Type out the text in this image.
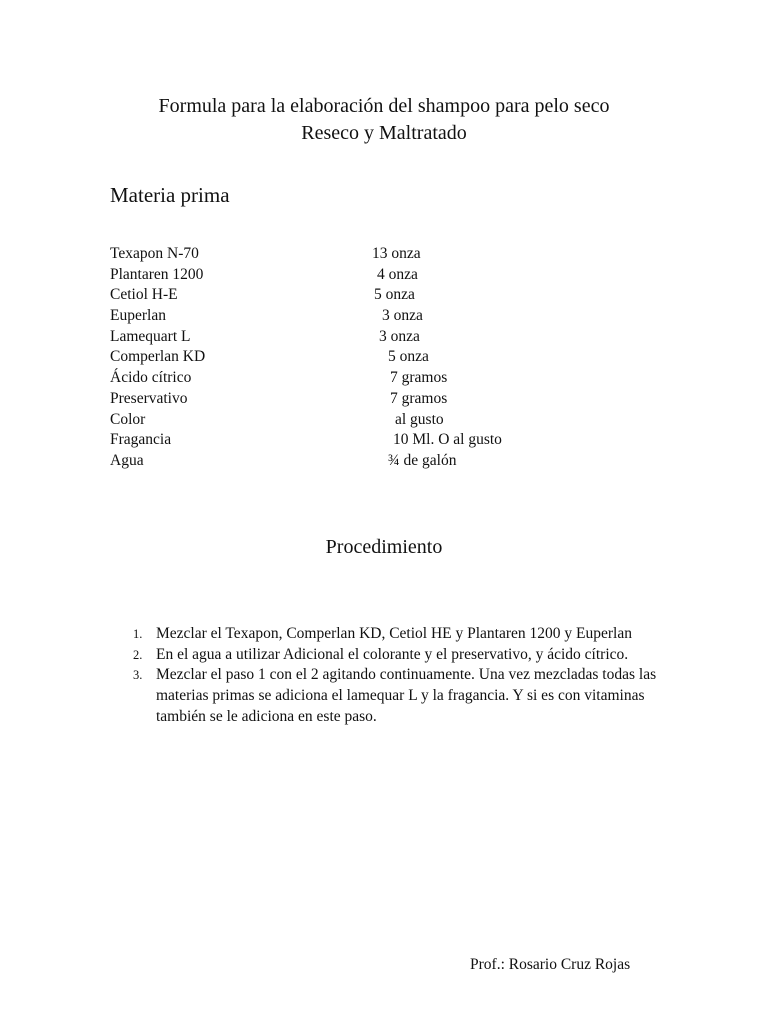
Formula para la elaboración del shampoo para pelo seco
Reseco y Maltratado
Materia prima
Texapon N-70	13 onza
Plantaren 1200	4 onza
Cetiol H-E	5 onza
Euperlan	3 onza
Lamequart L	3 onza
Comperlan KD	5 onza
Ácido cítrico	7 gramos
Preservativo	7 gramos
Color	al gusto
Fragancia	10 Ml. O al gusto
Agua	¾ de galón
Procedimiento
1. Mezclar el Texapon, Comperlan KD, Cetiol HE y Plantaren 1200 y Euperlan
2. En el agua a utilizar Adicional el colorante y el preservativo, y ácido cítrico.
3. Mezclar el paso 1 con el 2 agitando continuamente. Una vez mezcladas todas las materias primas se adiciona el lamequar L y la fragancia. Y si es con vitaminas también se le adiciona en este paso.
Prof.: Rosario Cruz Rojas
